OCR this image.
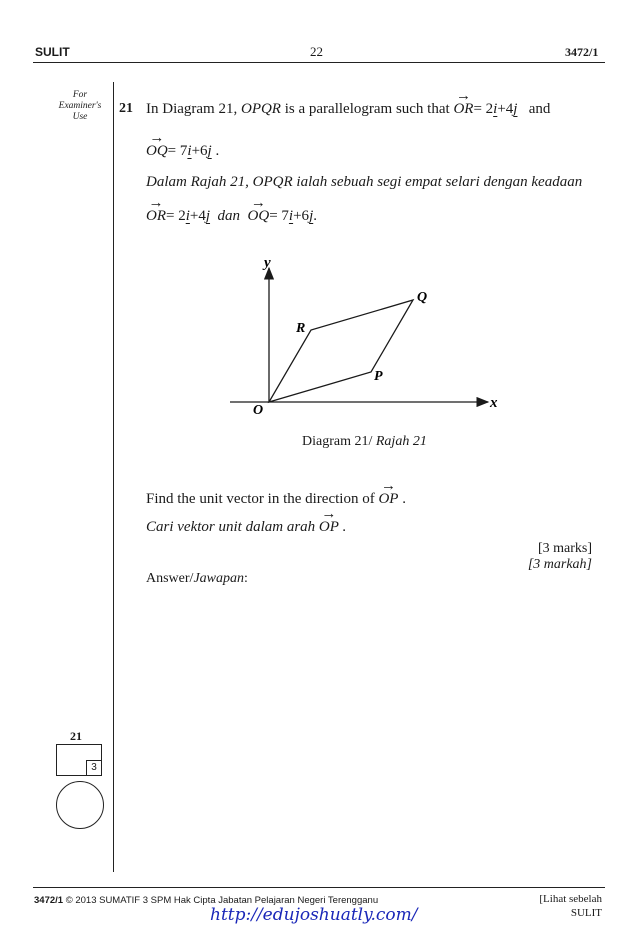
SULIT	22	3472/1
For
Examiner's
Use
21 In Diagram 21, OPQR is a parallelogram such that → OR= 2i+4j and
→ OQ= 7i+6j .
Dalam Rajah 21, OPQR ialah sebuah segi empat selari dengan keadaan
→ OR= 2i+4j dan  → OQ= 7i+6j.
y
x
O
P
Q
R
Diagram 21/ Rajah 21
Find the unit vector in the direction of → OP .
Cari vektor unit dalam arah → OP .
[3 marks]
[3 markah]
Answer/Jawapan:
21
3
3472/1 © 2013 SUMATIF 3 SPM Hak Cipta Jabatan Pelajaran Negeri Terengganu	[Lihat sebelah
SULIT
http://edujoshuatly.com/
